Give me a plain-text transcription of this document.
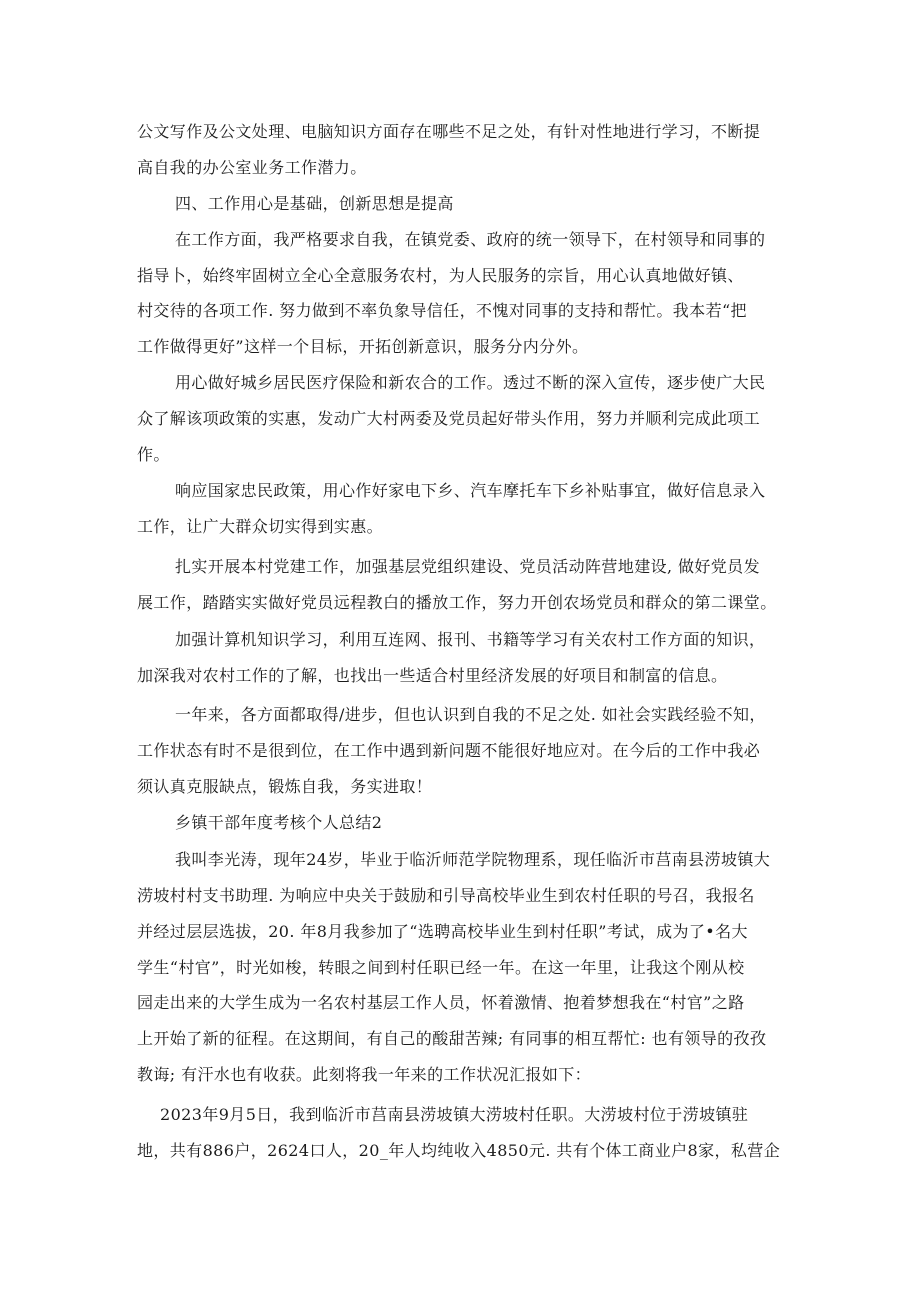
公文写作及公文处理、电脑知识方面存在哪些不足之处，有针对性地进行学习，不断提
高自我的办公室业务工作潜力。
四、工作用心是基础，创新思想是提高
在工作方面，我严格要求自我，在镇党委、政府的统一领导下，在村领导和同事的
指导卜，始终牢固树立全心全意服务农村，为人民服务的宗旨，用心认真地做好镇、
村交待的各项工作. 努力做到不率负象导信任，不愧对同事的支持和帮忙。我本若“把
工作做得更好”这样一个目标，开拓创新意识，服务分内分外。
用心做好城乡居民医疗保险和新农合的工作。透过不断的深入宣传，逐步使广大民
众了解该项政策的实惠，发动广大村两委及党员起好带头作用，努力并顺利完成此项工
作。
响应国家忠民政策，用心作好家电下乡、汽车摩托车下乡补贴事宜，做好信息录入
工作，让广大群众切实得到实惠。
扎实开展本村党建工作，加强基层党组织建设、党员活动阵营地建设, 做好党员发
展工作，踏踏实实做好党员远程教白的播放工作，努力开创农场党员和群众的第二课堂。
加强计算机知识学习，利用互连网、报刊、书籍等学习有关农村工作方面的知识，
加深我对农村工作的了解，也找出一些适合村里经济发展的好项目和制富的信息。
一年来，各方面都取得/进步，但也认识到自我的不足之处. 如社会实践经验不知，
工作状态有时不是很到位，在工作中遇到新问题不能很好地应对。在今后的工作中我必
须认真克服缺点，锻炼自我，务实进取！
乡镇干部年度考核个人总结2
我叫李光涛，现年24岁，毕业于临沂师范学院物理系，现任临沂市莒南县涝坡镇大
涝坡村村支书助理. 为响应中央关于鼓励和引导高校毕业生到农村任职的号召，我报名
并经过层层选拔，20. 年8月我参加了“选聘高校毕业生到村任职”考试，成为了•名大
学生“村官”，时光如梭，转眼之间到村任职已经一年。在这一年里，让我这个刚从校
园走出来的大学生成为一名农村基层工作人员，怀着激情、抱着梦想我在“村官”之路
上开始了新的征程。在这期间，有自己的酸甜苦辣; 有同事的相互帮忙: 也有领导的孜孜
教诲; 有汗水也有收获。此刻将我一年来的工作状况汇报如下：
2023年9月5日，我到临沂市莒南县涝坡镇大涝坡村任职。大涝坡村位于涝坡镇驻
地，共有886户，2624口人，20_年人均纯收入4850元. 共有个体工商业户8家，私营企
